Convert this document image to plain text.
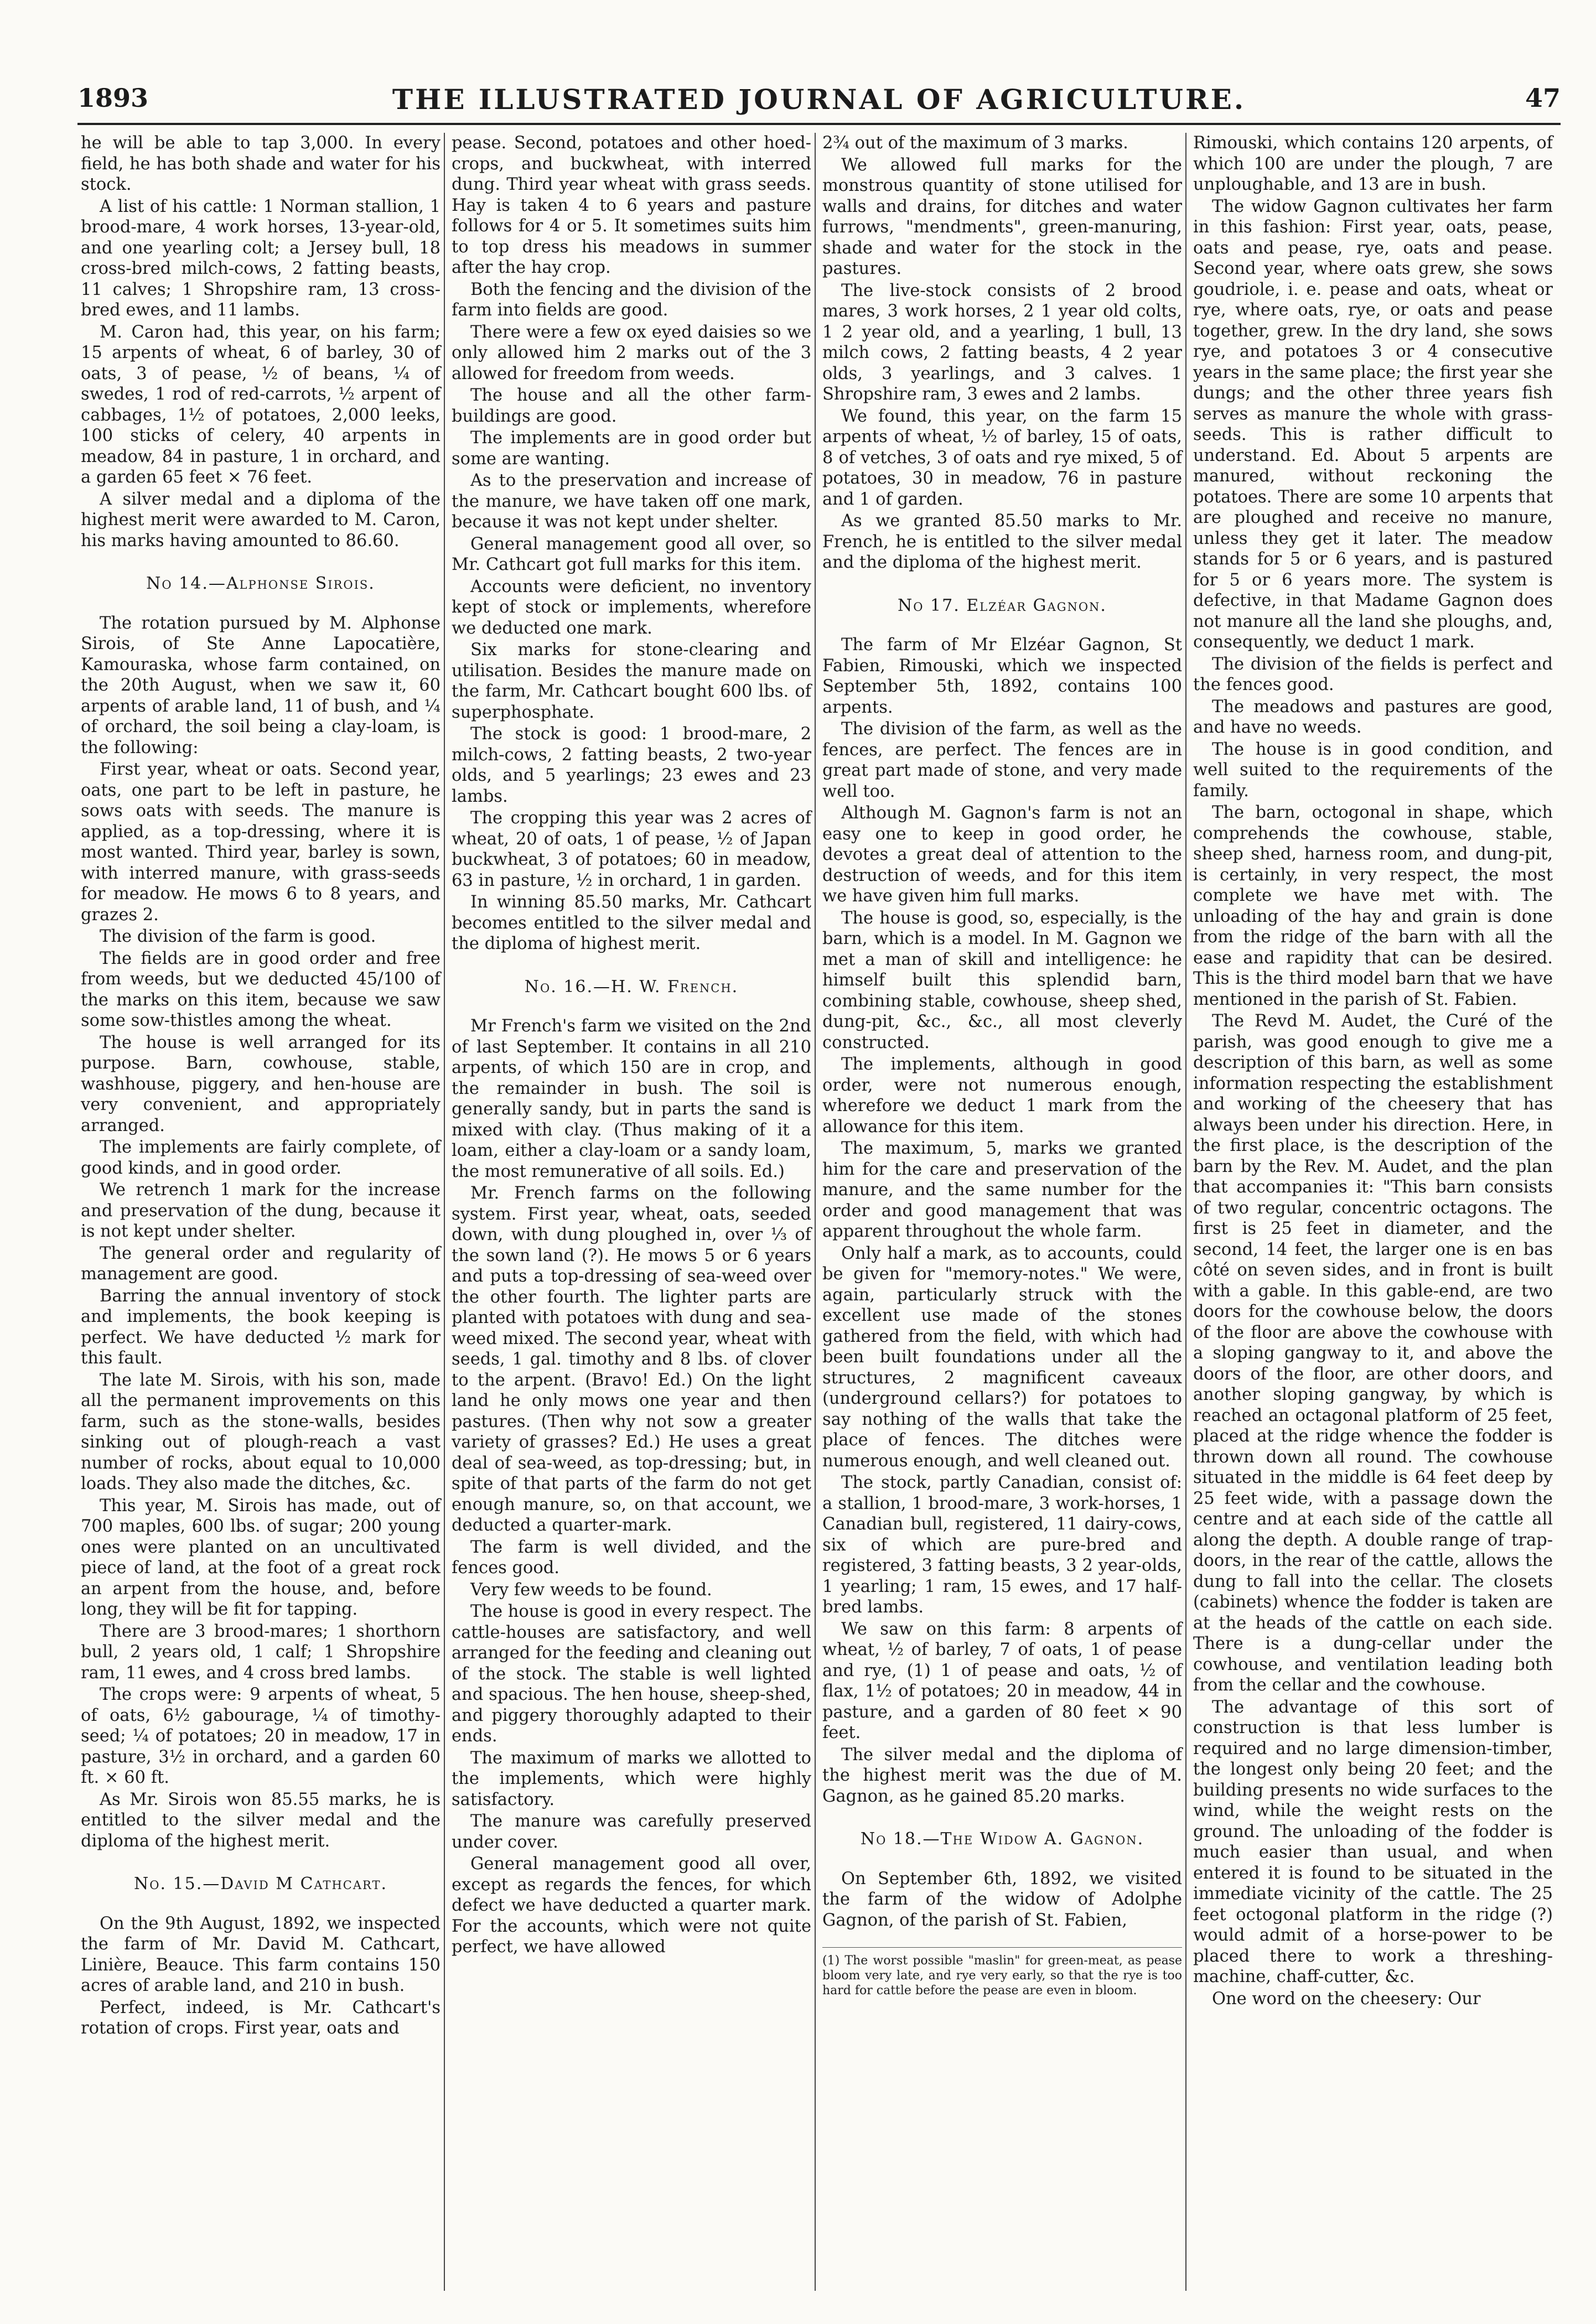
1893	THE ILLUSTRATED JOURNAL OF AGRICULTURE.	47

he will be able to tap 3,000. In every field, he has both shade and water for his stock.

A list of his cattle: 1 Norman stallion, 1 brood-mare, 4 work horses, 13-year-old, and one yearling colt; a Jersey bull, 18 cross-bred milch-cows, 2 fatting beasts, 11 calves; 1 Shropshire ram, 13 cross-bred ewes, and 11 lambs.

M. Caron had, this year, on his farm; 15 arpents of wheat, 6 of barley, 30 of oats, 3 of pease, ½ of beans, ¼ of swedes, 1 rod of red-carrots, ½ arpent of cabbages, 1½ of potatoes, 2,000 leeks, 100 sticks of celery, 40 arpents in meadow, 84 in pasture, 1 in orchard, and a garden 65 feet × 76 feet.

A silver medal and a diploma of the highest merit were awarded to M. Caron, his marks having amounted to 86.60.

No 14.—Alphonse Sirois.

The rotation pursued by M. Alphonse Sirois, of Ste Anne Lapocatière, Kamouraska, whose farm contained, on the 20th August, when we saw it, 60 arpents of arable land, 11 of bush, and ¼ of orchard, the soil being a clay-loam, is the following:

First year, wheat or oats. Second year, oats, one part to be left in pasture, he sows oats with seeds. The manure is applied, as a top-dressing, where it is most wanted. Third year, barley is sown, with interred manure, with grass-seeds for meadow. He mows 6 to 8 years, and grazes 2.

The division of the farm is good.

The fields are in good order and free from weeds, but we deducted 45/100 of the marks on this item, because we saw some sow-thistles among the wheat.

The house is well arranged for its purpose. Barn, cowhouse, stable, washhouse, piggery, and hen-house are very convenient, and appropriately arranged.

The implements are fairly complete, of good kinds, and in good order.

We retrench 1 mark for the increase and preservation of the dung, because it is not kept under shelter.

The general order and regularity of management are good.

Barring the annual inventory of stock and implements, the book keeping is perfect. We have deducted ½ mark for this fault.

The late M. Sirois, with his son, made all the permanent improvements on this farm, such as the stone-walls, besides sinking out of plough-reach a vast number of rocks, about equal to 10,000 loads. They also made the ditches, &c.

This year, M. Sirois has made, out of 700 maples, 600 lbs. of sugar; 200 young ones were planted on an uncultivated piece of land, at the foot of a great rock an arpent from the house, and, before long, they will be fit for tapping.

There are 3 brood-mares; 1 shorthorn bull, 2 years old, 1 calf; 1 Shropshire ram, 11 ewes, and 4 cross bred lambs.

The crops were: 9 arpents of wheat, 5 of oats, 6½ gabourage, ¼ of timothy-seed; ¼ of potatoes; 20 in meadow, 17 in pasture, 3½ in orchard, and a garden 60 ft. × 60 ft.

As Mr. Sirois won 85.55 marks, he is entitled to the silver medal and the diploma of the highest merit.

No. 15.—David M Cathcart.

On the 9th August, 1892, we inspected the farm of Mr. David M. Cathcart, Linière, Beauce. This farm contains 150 acres of arable land, and 210 in bush.

Perfect, indeed, is Mr. Cathcart's rotation of crops. First year, oats and

pease. Second, potatoes and other hoed-crops, and buckwheat, with interred dung. Third year wheat with grass seeds. Hay is taken 4 to 6 years and pasture follows for 4 or 5. It sometimes suits him to top dress his meadows in summer after the hay crop.

Both the fencing and the division of the farm into fields are good.

There were a few ox eyed daisies so we only allowed him 2 marks out of the 3 allowed for freedom from weeds.

The house and all the other farm-buildings are good.

The implements are in good order but some are wanting.

As to the preservation and increase of the manure, we have taken off one mark, because it was not kept under shelter.

General management good all over, so Mr. Cathcart got full marks for this item.

Accounts were deficient, no inventory kept of stock or implements, wherefore we deducted one mark.

Six marks for stone-clearing and utilisation. Besides the manure made on the farm, Mr. Cathcart bought 600 lbs. of superphosphate.

The stock is good: 1 brood-mare, 2 milch-cows, 2 fatting beasts, 2 two-year olds, and 5 yearlings; 23 ewes and 23 lambs.

The cropping this year was 2 acres of wheat, 20 of oats, 1 of pease, ½ of Japan buckwheat, 3 of potatoes; 60 in meadow, 63 in pasture, ½ in orchard, 1 in garden.

In winning 85.50 marks, Mr. Cathcart becomes entitled to the silver medal and the diploma of highest merit.

No. 16.—H. W. French.

Mr French's farm we visited on the 2nd of last September. It contains in all 210 arpents, of which 150 are in crop, and the remainder in bush. The soil is generally sandy, but in parts the sand is mixed with clay. (Thus making of it a loam, either a clay-loam or a sandy loam, the most remunerative of all soils. Ed.)

Mr. French farms on the following system. First year, wheat, oats, seeded down, with dung ploughed in, over ⅓ of the sown land (?). He mows 5 or 6 years and puts a top-dressing of sea-weed over the other fourth. The lighter parts are planted with potatoes with dung and sea-weed mixed. The second year, wheat with seeds, 1 gal. timothy and 8 lbs. of clover to the arpent. (Bravo! Ed.) On the light land he only mows one year and then pastures. (Then why not sow a greater variety of grasses? Ed.) He uses a great deal of sea-weed, as top-dressing; but, in spite of that parts of the farm do not get enough manure, so, on that account, we deducted a quarter-mark.

The farm is well divided, and the fences good.

Very few weeds to be found.

The house is good in every respect. The cattle-houses are satisfactory, and well arranged for the feeding and cleaning out of the stock. The stable is well lighted and spacious. The hen house, sheep-shed, and piggery thoroughly adapted to their ends.

The maximum of marks we allotted to the implements, which were highly satisfactory.

The manure was carefully preserved under cover.

General management good all over, except as regards the fences, for which defect we have deducted a quarter mark. For the accounts, which were not quite perfect, we have allowed

2¾ out of the maximum of 3 marks.

We allowed full marks for the monstrous quantity of stone utilised for walls and drains, for ditches and water furrows, "mendments", green-manuring, shade and water for the stock in the pastures.

The live-stock consists of 2 brood mares, 3 work horses, 2 1 year old colts, 1 2 year old, and a yearling, 1 bull, 13 milch cows, 2 fatting beasts, 4 2 year olds, 3 yearlings, and 3 calves. 1 Shropshire ram, 3 ewes and 2 lambs.

We found, this year, on the farm 15 arpents of wheat, ½ of barley, 15 of oats, 8 of vetches, 3 of oats and rye mixed, 5 of potatoes, 30 in meadow, 76 in pasture and 1 of garden.

As we granted 85.50 marks to Mr. French, he is entitled to the silver medal and the diploma of the highest merit.

No 17. Elzéar Gagnon.

The farm of Mr Elzéar Gagnon, St Fabien, Rimouski, which we inspected September 5th, 1892, contains 100 arpents.

The division of the farm, as well as the fences, are perfect. The fences are in great part made of stone, and very made well too.

Although M. Gagnon's farm is not an easy one to keep in good order, he devotes a great deal of attention to the destruction of weeds, and for this item we have given him full marks.

The house is good, so, especially, is the barn, which is a model. In M. Gagnon we met a man of skill and intelligence: he himself built this splendid barn, combining stable, cowhouse, sheep shed, dung-pit, &c., &c., all most cleverly constructed.

The implements, although in good order, were not numerous enough, wherefore we deduct 1 mark from the allowance for this item.

The maximum, 5, marks we granted him for the care and preservation of the manure, and the same number for the order and good management that was apparent throughout the whole farm.

Only half a mark, as to accounts, could be given for "memory-notes." We were, again, particularly struck with the excellent use made of the stones gathered from the field, with which had been built foundations under all the structures, 2 magnificent caveaux (underground cellars?) for potatoes to say nothing of the walls that take the place of fences. The ditches were numerous enough, and well cleaned out.

The stock, partly Canadian, consist of: a stallion, 1 brood-mare, 3 work-horses, 1 Canadian bull, registered, 11 dairy-cows, six of which are pure-bred and registered, 3 fatting beasts, 3 2 year-olds, 1 yearling; 1 ram, 15 ewes, and 17 half-bred lambs.

We saw on this farm: 8 arpents of wheat, ½ of barley, 7 of oats, 1 of pease and rye, (1) 1 of pease and oats, ½ of flax, 1½ of potatoes; 20 in meadow, 44 in pasture, and a garden of 80 feet × 90 feet.

The silver medal and the diploma of the highest merit was the due of M. Gagnon, as he gained 85.20 marks.

No 18.—The Widow A. Gagnon.

On September 6th, 1892, we visited the farm of the widow of Adolphe Gagnon, of the parish of St. Fabien,

(1) The worst possible "maslin" for green-meat, as pease bloom very late, and rye very early, so that the rye is too hard for cattle before the pease are even in bloom.

Rimouski, which contains 120 arpents, of which 100 are under the plough, 7 are unploughable, and 13 are in bush.

The widow Gagnon cultivates her farm in this fashion: First year, oats, pease, oats and pease, rye, oats and pease. Second year, where oats grew, she sows goudriole, i. e. pease and oats, wheat or rye, where oats, rye, or oats and pease together, grew. In the dry land, she sows rye, and potatoes 3 or 4 consecutive years in the same place; the first year she dungs; and the other three years fish serves as manure the whole with grass-seeds. This is rather difficult to understand. Ed. About 5 arpents are manured, without reckoning the potatoes. There are some 10 arpents that are ploughed and receive no manure, unless they get it later. The meadow stands for 5 or 6 years, and is pastured for 5 or 6 years more. The system is defective, in that Madame Gagnon does not manure all the land she ploughs, and, consequently, we deduct 1 mark.

The division of the fields is perfect and the fences good.

The meadows and pastures are good, and have no weeds.

The house is in good condition, and well suited to the requirements of the family.

The barn, octogonal in shape, which comprehends the cowhouse, stable, sheep shed, harness room, and dung-pit, is certainly, in very respect, the most complete we have met with. The unloading of the hay and grain is done from the ridge of the barn with all the ease and rapidity that can be desired. This is the third model barn that we have mentioned in the parish of St. Fabien.

The Revd M. Audet, the Curé of the parish, was good enough to give me a description of this barn, as well as some information respecting the establishment and working of the cheesery that has always been under his direction. Here, in the first place, is the description of the barn by the Rev. M. Audet, and the plan that accompanies it: "This barn consists of two regular, concentric octagons. The first is 25 feet in diameter, and the second, 14 feet, the larger one is en bas côté on seven sides, and in front is built with a gable. In this gable-end, are two doors for the cowhouse below, the doors of the floor are above the cowhouse with a sloping gangway to it, and above the doors of the floor, are other doors, and another sloping gangway, by which is reached an octagonal platform of 25 feet, placed at the ridge whence the fodder is thrown down all round. The cowhouse situated in the middle is 64 feet deep by 25 feet wide, with a passage down the centre and at each side of the cattle all along the depth. A double range of trap-doors, in the rear of the cattle, allows the dung to fall into the cellar. The closets (cabinets) whence the fodder is taken are at the heads of the cattle on each side. There is a dung-cellar under the cowhouse, and ventilation leading both from the cellar and the cowhouse.

The advantage of this sort of construction is that less lumber is required and no large dimension-timber, the longest only being 20 feet; and the building presents no wide surfaces to the wind, while the weight rests on the ground. The unloading of the fodder is much easier than usual, and when entered it is found to be situated in the immediate vicinity of the cattle. The 25 feet octogonal platform in the ridge (?) would admit of a horse-power to be placed there to work a threshing-machine, chaff-cutter, &c.

One word on the cheesery: Our
